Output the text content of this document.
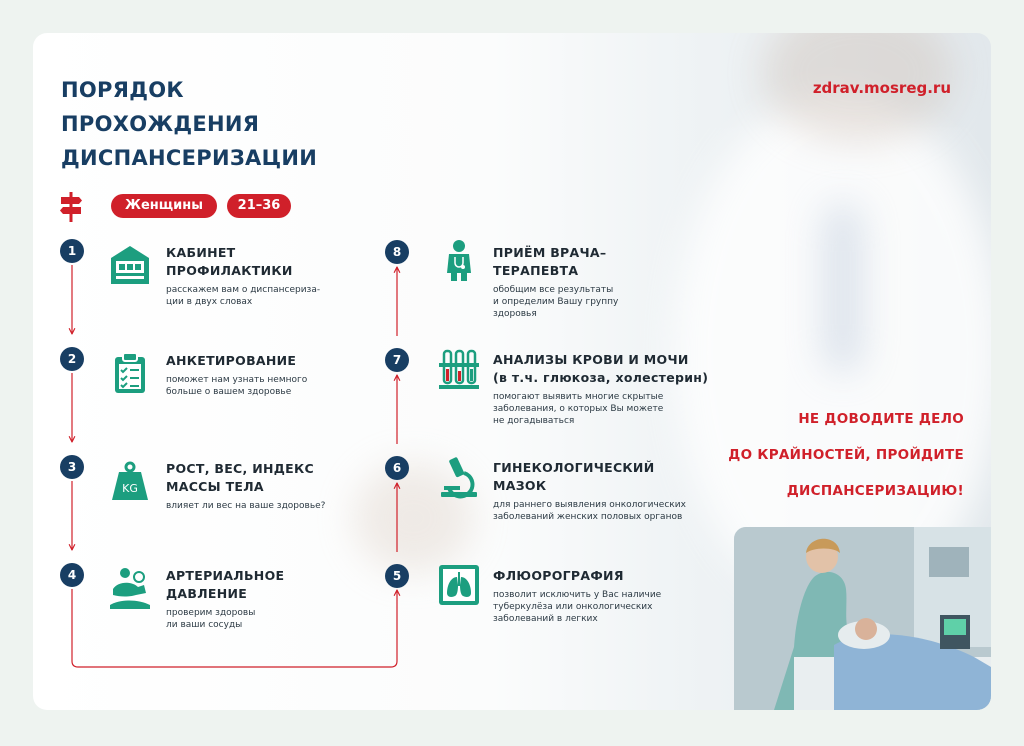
ПОРЯДОК
ПРОХОЖДЕНИЯ
ДИСПАНСЕРИЗАЦИИ
zdrav.mosreg.ru
Женщины	21–36
1
2
3
4	5
6
7
8
KG
КАБИНЕТ
ПРОФИЛАКТИКИ
расскажем вам о диспансериза-
ции в двух словах
АНКЕТИРОВАНИЕ
поможет нам узнать немного
больше о вашем здоровье
РОСТ, ВЕС, ИНДЕКС
МАССЫ ТЕЛА
влияет ли вес на ваше здоровье?
АРТЕРИАЛЬНОЕ
ДАВЛЕНИЕ
проверим здоровы
ли ваши сосуды
ФЛЮОРОГРАФИЯ
позволит исключить у Вас наличие
туберкулёза или онкологических
заболеваний в легких
ГИНЕКОЛОГИЧЕСКИЙ
МАЗОК
для раннего выявления онкологических
заболеваний женских половых органов
АНАЛИЗЫ КРОВИ И МОЧИ
(в т.ч. глюкоза, холестерин)
помогают выявить многие скрытые
заболевания, о которых Вы можете
не догадываться
ПРИЁМ ВРАЧА–
ТЕРАПЕВТА
обобщим все результаты
и определим Вашу группу
здоровья
НЕ ДОВОДИТЕ ДЕЛО
ДО КРАЙНОСТЕЙ, ПРОЙДИТЕ
ДИСПАНСЕРИЗАЦИЮ!
